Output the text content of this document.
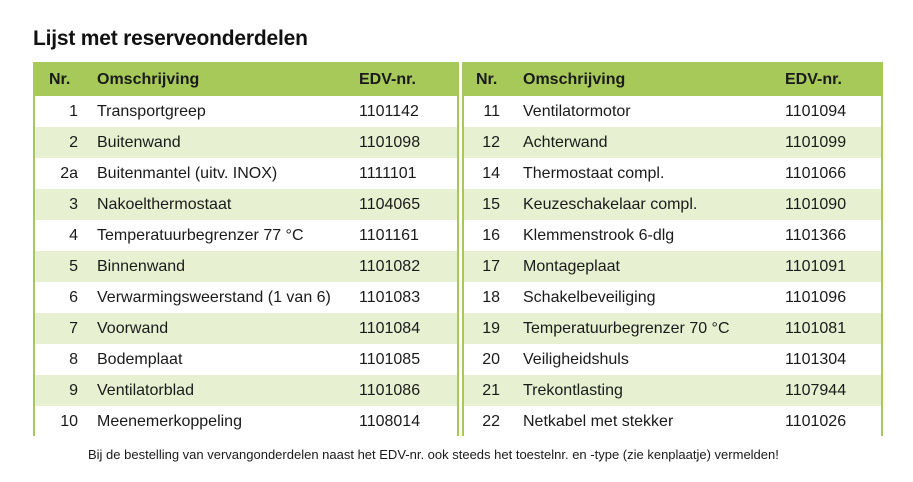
Lijst met reserveonderdelen
Nr.	Omschrijving	EDV-nr.
1	Transportgreep	1101142
2	Buitenwand	1101098
2a	Buitenmantel (uitv. INOX)	1111101
3	Nakoelthermostaat	1104065
4	Temperatuurbegrenzer 77 °C	1101161
5	Binnenwand	1101082
6	Verwarmingsweerstand (1 van 6)	1101083
7	Voorwand	1101084
8	Bodemplaat	1101085
9	Ventilatorblad	1101086
10	Meenemerkoppeling	1108014
Nr.	Omschrijving	EDV-nr.
11	Ventilatormotor	1101094
12	Achterwand	1101099
14	Thermostaat compl.	1101066
15	Keuzeschakelaar compl.	1101090
16	Klemmenstrook 6-dlg	1101366
17	Montageplaat	1101091
18	Schakelbeveiliging	1101096
19	Temperatuurbegrenzer 70 °C	1101081
20	Veiligheidshuls	1101304
21	Trekontlasting	1107944
22	Netkabel met stekker	1101026
Bij de bestelling van vervangonderdelen naast het EDV-nr. ook steeds het toestelnr. en -type (zie kenplaatje) vermelden!
